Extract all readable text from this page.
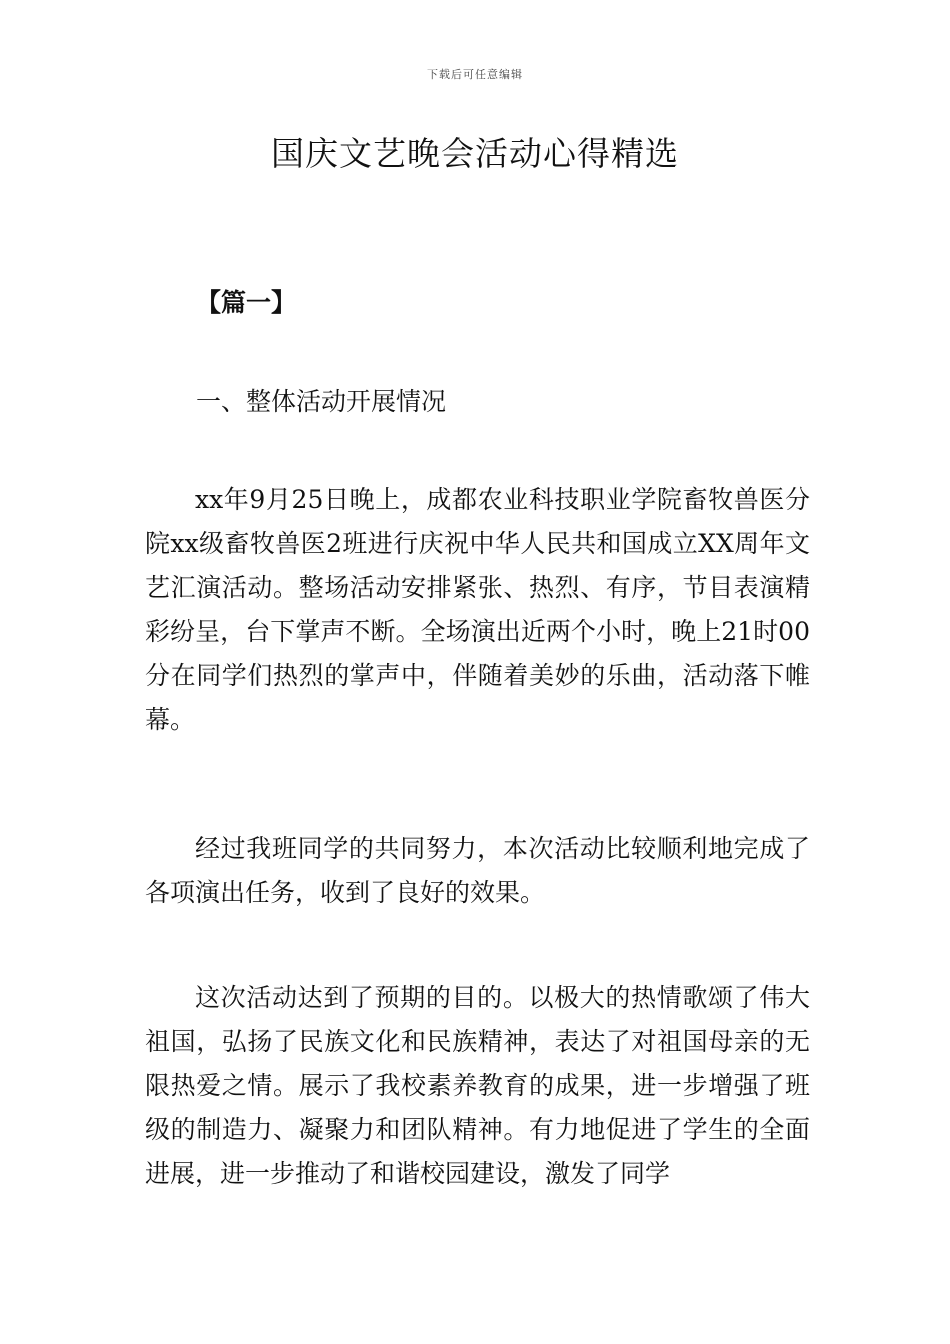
下载后可任意编辑
国庆文艺晚会活动心得精选
【篇一】
一、整体活动开展情况

xx年9月25日晚上，成都农业科技职业学院畜牧兽医分院xx级畜牧兽医2班进行庆祝中华人民共和国成立XX周年文艺汇演活动。整场活动安排紧张、热烈、有序，节目表演精彩纷呈，台下掌声不断。全场演出近两个小时，晚上21时00分在同学们热烈的掌声中，伴随着美妙的乐曲，活动落下帷幕。

经过我班同学的共同努力，本次活动比较顺利地完成了各项演出任务，收到了良好的效果。

这次活动达到了预期的目的。以极大的热情歌颂了伟大祖国，弘扬了民族文化和民族精神，表达了对祖国母亲的无限热爱之情。展示了我校素养教育的成果，进一步增强了班级的制造力、凝聚力和团队精神。有力地促进了学生的全面进展，进一步推动了和谐校园建设，激发了同学
